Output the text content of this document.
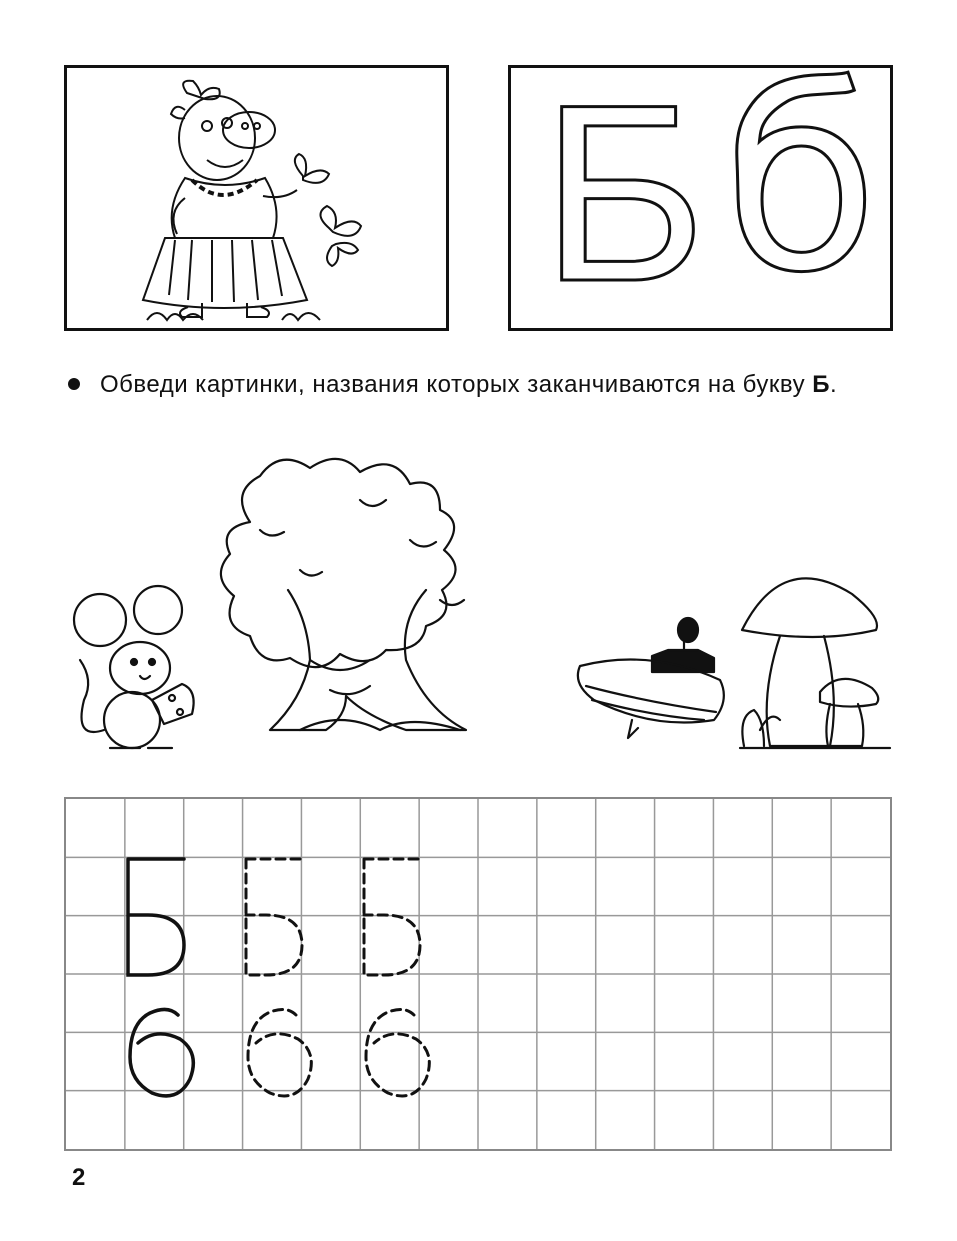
Б б
Обведи картинки, названия которых заканчиваются на букву Б.
2
